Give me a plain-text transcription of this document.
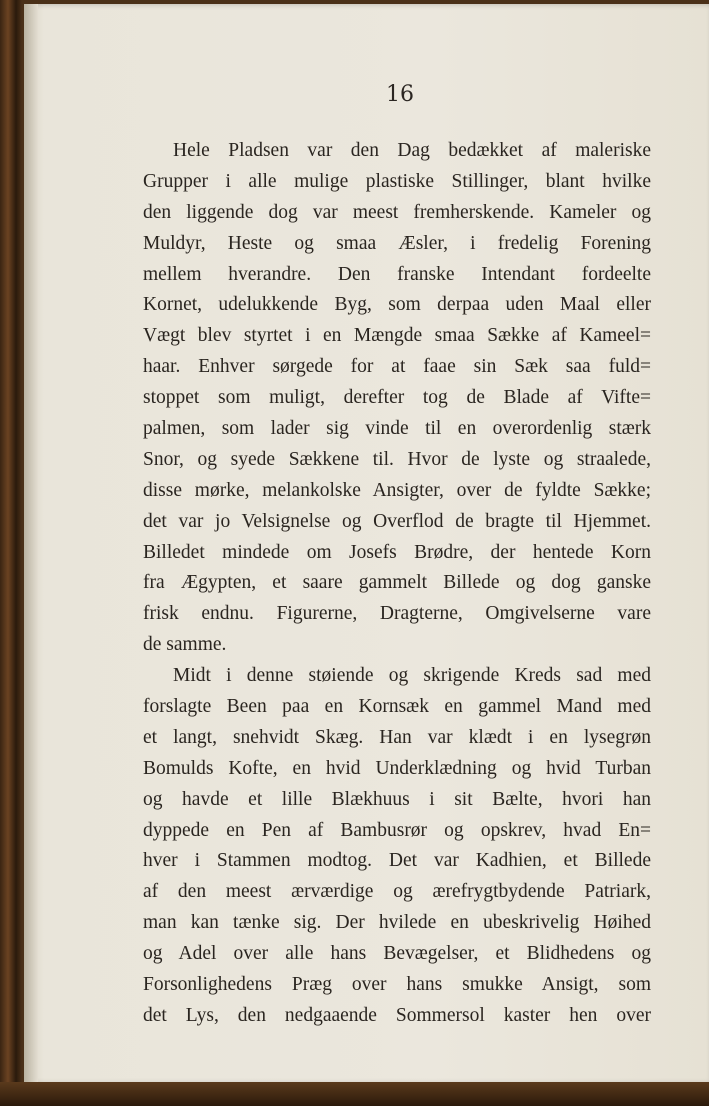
16
Hele Pladsen var den Dag bedækket af maleriske
Grupper i alle mulige plastiske Stillinger, blant hvilke
den liggende dog var meest fremherskende. Kameler og
Muldyr, Heste og smaa Æsler, i fredelig Forening
mellem hverandre. Den franske Intendant fordeelte
Kornet, udelukkende Byg, som derpaa uden Maal eller
Vægt blev styrtet i en Mængde smaa Sække af Kameel=
haar. Enhver sørgede for at faae sin Sæk saa fuld=
stoppet som muligt, derefter tog de Blade af Vifte=
palmen, som lader sig vinde til en overordenlig stærk
Snor, og syede Sækkene til. Hvor de lyste og straalede,
disse mørke, melankolske Ansigter, over de fyldte Sække;
det var jo Velsignelse og Overflod de bragte til Hjemmet.
Billedet mindede om Josefs Brødre, der hentede Korn
fra Ægypten, et saare gammelt Billede og dog ganske
frisk endnu. Figurerne, Dragterne, Omgivelserne vare
de samme.
Midt i denne støiende og skrigende Kreds sad med
forslagte Been paa en Kornsæk en gammel Mand med
et langt, snehvidt Skæg. Han var klædt i en lysegrøn
Bomulds Kofte, en hvid Underklædning og hvid Turban
og havde et lille Blækhuus i sit Bælte, hvori han
dyppede en Pen af Bambusrør og opskrev, hvad En=
hver i Stammen modtog. Det var Kadhien, et Billede
af den meest ærværdige og ærefrygtbydende Patriark,
man kan tænke sig. Der hvilede en ubeskrivelig Høihed
og Adel over alle hans Bevægelser, et Blidhedens og
Forsonlighedens Præg over hans smukke Ansigt, som
det Lys, den nedgaaende Sommersol kaster hen over
